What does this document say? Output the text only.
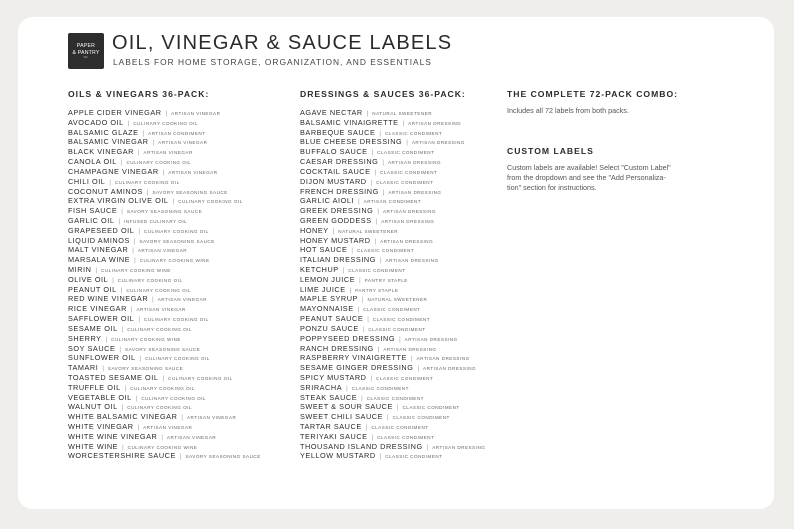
PAPER
& PANTRY
CO.
OIL, VINEGAR & SAUCE LABELS
LABELS FOR HOME STORAGE, ORGANIZATION, AND ESSENTIALS
OILS & VINEGARS 36-PACK:
APPLE CIDER VINEGAR | ARTISAN VINEGAR
AVOCADO OIL | CULINARY COOKING OIL
BALSAMIC GLAZE | ARTISAN CONDIMENT
BALSAMIC VINEGAR | ARTISAN VINEGAR
BLACK VINEGAR | ARTISAN VINEGAR
CANOLA OIL | CULINARY COOKING OIL
CHAMPAGNE VINEGAR | ARTISAN VINEGAR
CHILI OIL | CULINARY COOKING OIL
COCONUT AMINOS | SAVORY SEASONING SAUCE
EXTRA VIRGIN OLIVE OIL | CULINARY COOKING OIL
FISH SAUCE | SAVORY SEASONING SAUCE
GARLIC OIL | INFUSED CULINARY OIL
GRAPESEED OIL | CULINARY COOKING OIL
LIQUID AMINOS | SAVORY SEASONING SAUCE
MALT VINEGAR | ARTISAN VINEGAR
MARSALA WINE | CULINARY COOKING WINE
MIRIN | CULINARY COOKING WINE
OLIVE OIL | CULINARY COOKING OIL
PEANUT OIL | CULINARY COOKING OIL
RED WINE VINEGAR | ARTISAN VINEGAR
RICE VINEGAR | ARTISAN VINEGAR
SAFFLOWER OIL | CULINARY COOKING OIL
SESAME OIL | CULINARY COOKING OIL
SHERRY | CULINARY COOKING WINE
SOY SAUCE | SAVORY SEASONING SAUCE
SUNFLOWER OIL | CULINARY COOKING OIL
TAMARI | SAVORY SEASONING SAUCE
TOASTED SESAME OIL | CULINARY COOKING OIL
TRUFFLE OIL | CULINARY COOKING OIL
VEGETABLE OIL | CULINARY COOKING OIL
WALNUT OIL | CULINARY COOKING OIL
WHITE BALSAMIC VINEGAR | ARTISAN VINEGAR
WHITE VINEGAR | ARTISAN VINEGAR
WHITE WINE VINEGAR | ARTISAN VINEGAR
WHITE WINE | CULINARY COOKING WINE
WORCESTERSHIRE SAUCE | SAVORY SEASONING SAUCE
DRESSINGS & SAUCES 36-PACK:
AGAVE NECTAR | NATURAL SWEETENER
BALSAMIC VINAIGRETTE | ARTISAN DRESSING
BARBEQUE SAUCE | CLASSIC CONDIMENT
BLUE CHEESE DRESSING | ARTISAN DRESSING
BUFFALO SAUCE | CLASSIC CONDIMENT
CAESAR DRESSING | ARTISAN DRESSING
COCKTAIL SAUCE | CLASSIC CONDIMENT
DIJON MUSTARD | CLASSIC CONDIMENT
FRENCH DRESSING | ARTISAN DRESSING
GARLIC AIOLI | ARTISAN CONDIMENT
GREEK DRESSING | ARTISAN DRESSING
GREEN GODDESS | ARTISAN DRESSING
HONEY | NATURAL SWEETENER
HONEY MUSTARD | ARTISAN DRESSING
HOT SAUCE | CLASSIC CONDIMENT
ITALIAN DRESSING | ARTISAN DRESSING
KETCHUP | CLASSIC CONDIMENT
LEMON JUICE | PANTRY STAPLE
LIME JUICE | PANTRY STAPLE
MAPLE SYRUP | NATURAL SWEETENER
MAYONNAISE | CLASSIC CONDIMENT
PEANUT SAUCE | CLASSIC CONDIMENT
PONZU SAUCE | CLASSIC CONDIMENT
POPPYSEED DRESSING | ARTISAN DRESSING
RANCH DRESSING | ARTISAN DRESSING
RASPBERRY VINAIGRETTE | ARTISAN DRESSING
SESAME GINGER DRESSING | ARTISAN DRESSING
SPICY MUSTARD | CLASSIC CONDIMENT
SRIRACHA | CLASSIC CONDIMENT
STEAK SAUCE | CLASSIC CONDIMENT
SWEET & SOUR SAUCE | CLASSIC CONDIMENT
SWEET CHILI SAUCE | CLASSIC CONDIMENT
TARTAR SAUCE | CLASSIC CONDIMENT
TERIYAKI SAUCE | CLASSIC CONDIMENT
THOUSAND ISLAND DRESSING | ARTISAN DRESSING
YELLOW MUSTARD | CLASSIC CONDIMENT
THE COMPLETE 72-PACK COMBO:
Includes all 72 labels from both packs.
CUSTOM LABELS
Custom labels are available! Select "Custom Label"
from the dropdown and see the "Add Personaliza-
tion" section for instructions.
